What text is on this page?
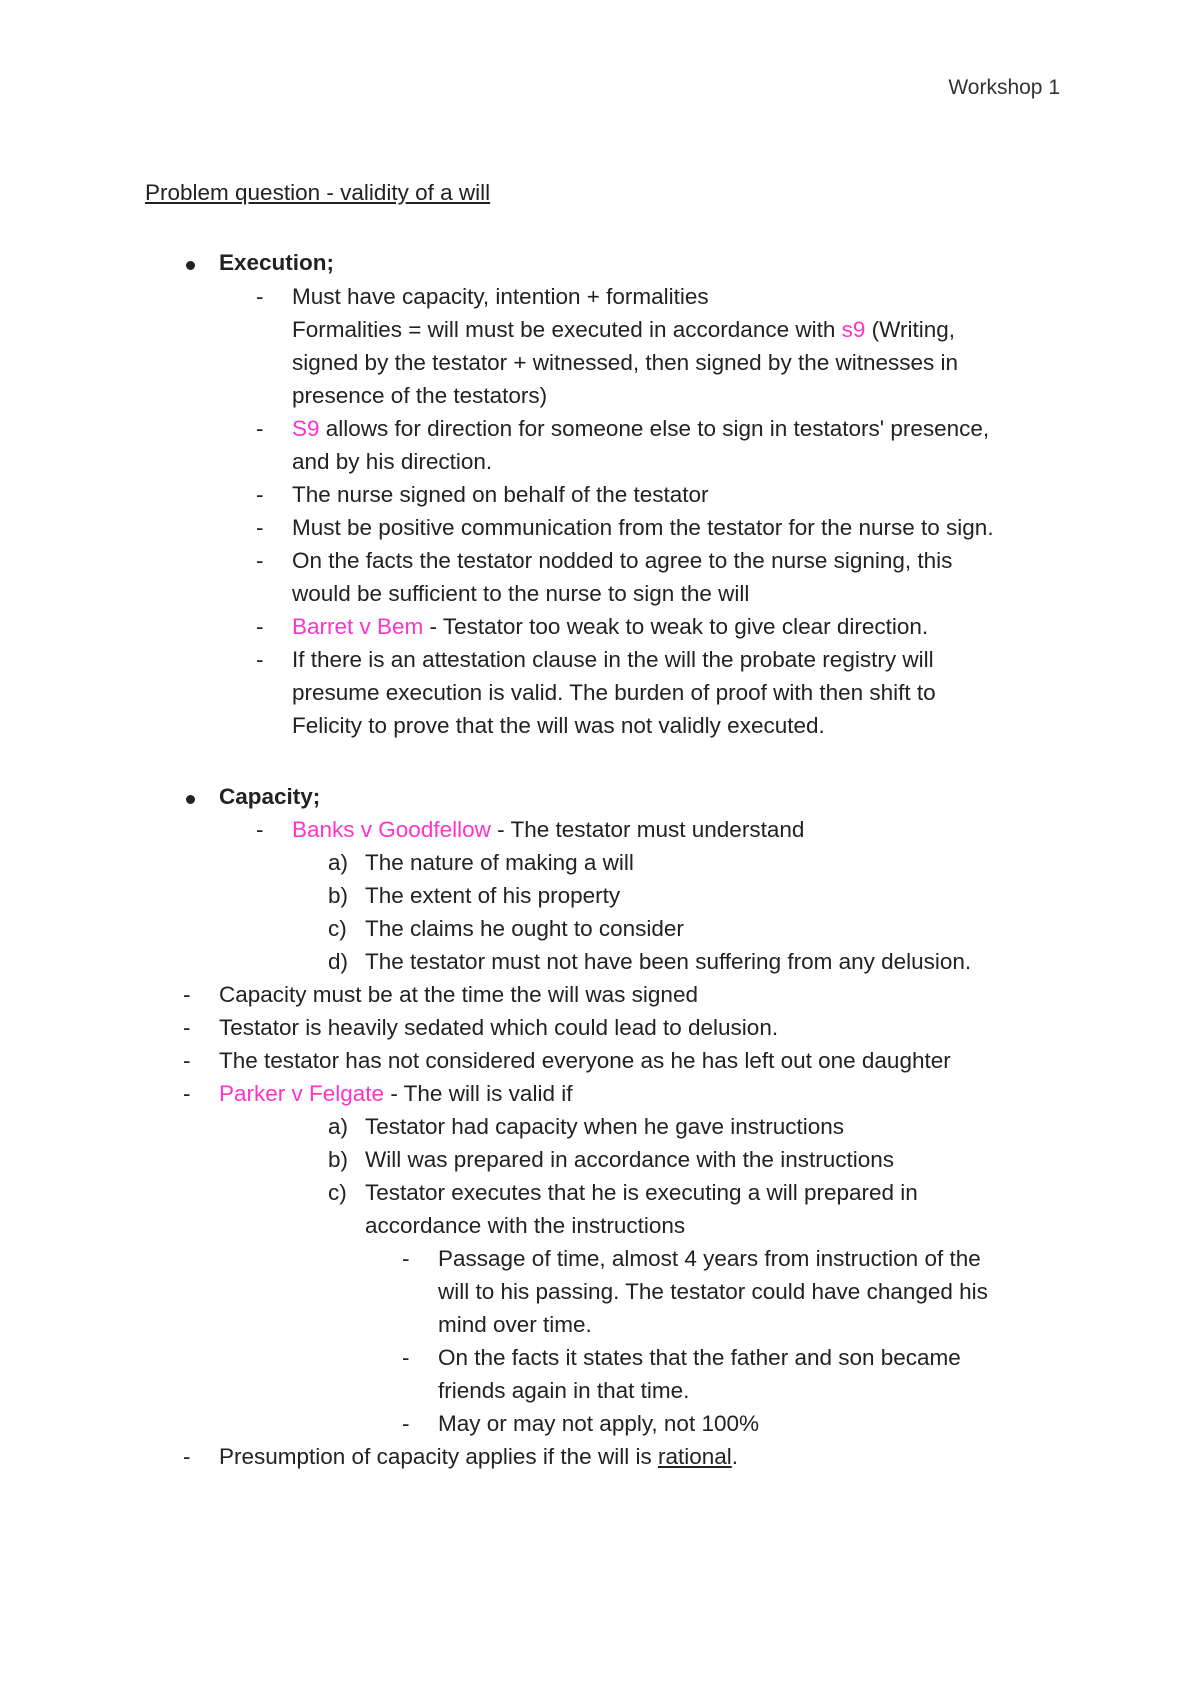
Workshop 1
Problem question - validity of a will
Execution;
- Must have capacity, intention + formalities
Formalities = will must be executed in accordance with s9 (Writing,
signed by the testator + witnessed, then signed by the witnesses in
presence of the testators)
- S9 allows for direction for someone else to sign in testators' presence,
and by his direction.
- The nurse signed on behalf of the testator
- Must be positive communication from the testator for the nurse to sign.
- On the facts the testator nodded to agree to the nurse signing, this
would be sufficient to the nurse to sign the will
- Barret v Bem - Testator too weak to weak to give clear direction.
- If there is an attestation clause in the will the probate registry will
presume execution is valid. The burden of proof with then shift to
Felicity to prove that the will was not validly executed.
Capacity;
- Banks v Goodfellow - The testator must understand
a) The nature of making a will
b) The extent of his property
c) The claims he ought to consider
d) The testator must not have been suffering from any delusion.
- Capacity must be at the time the will was signed
- Testator is heavily sedated which could lead to delusion.
- The testator has not considered everyone as he has left out one daughter
- Parker v Felgate - The will is valid if
a) Testator had capacity when he gave instructions
b) Will was prepared in accordance with the instructions
c) Testator executes that he is executing a will prepared in
accordance with the instructions
- Passage of time, almost 4 years from instruction of the
will to his passing. The testator could have changed his
mind over time.
- On the facts it states that the father and son became
friends again in that time.
- May or may not apply, not 100%
- Presumption of capacity applies if the will is rational.
